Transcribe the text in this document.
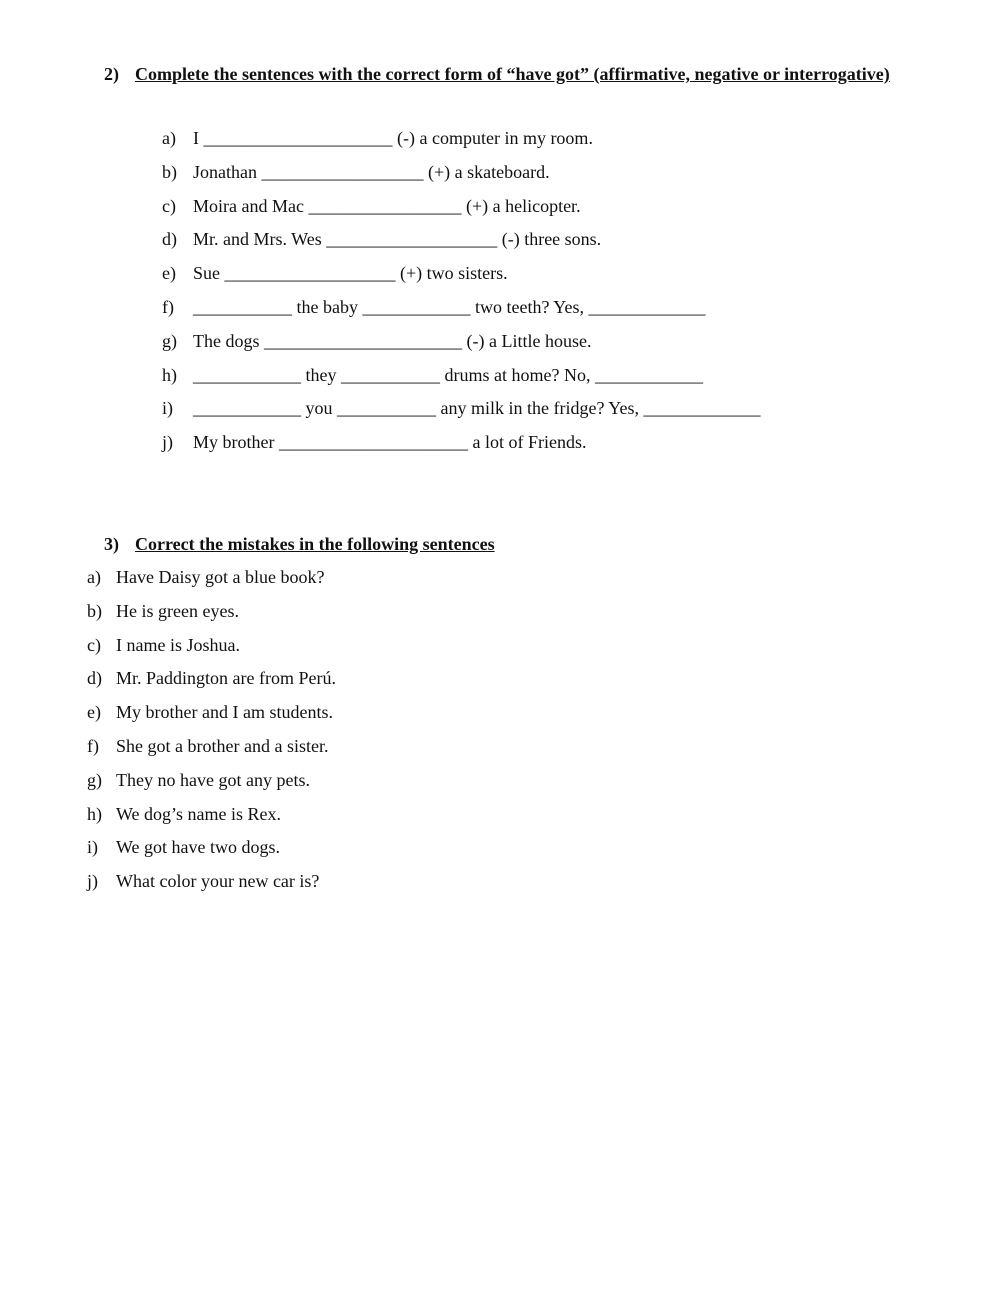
2) Complete the sentences with the correct form of “have got” (affirmative, negative or interrogative)
a) I _____________________ (-) a computer in my room.
b) Jonathan __________________ (+) a skateboard.
c) Moira and Mac _________________ (+) a helicopter.
d) Mr. and Mrs. Wes ___________________ (-) three sons.
e) Sue ___________________ (+) two sisters.
f) ___________ the baby ____________ two teeth? Yes, _____________
g) The dogs ______________________ (-) a Little house.
h) ____________ they ___________ drums at home? No, ____________
i) ____________ you ___________ any milk in the fridge? Yes, _____________
j) My brother _____________________ a lot of Friends.
3) Correct the mistakes in the following sentences
a) Have Daisy got a blue book?
b) He is green eyes.
c) I name is Joshua.
d) Mr. Paddington are from Perú.
e) My brother and I am students.
f) She got a brother and a sister.
g) They no have got any pets.
h) We dog’s name is Rex.
i) We got have two dogs.
j) What color your new car is?
